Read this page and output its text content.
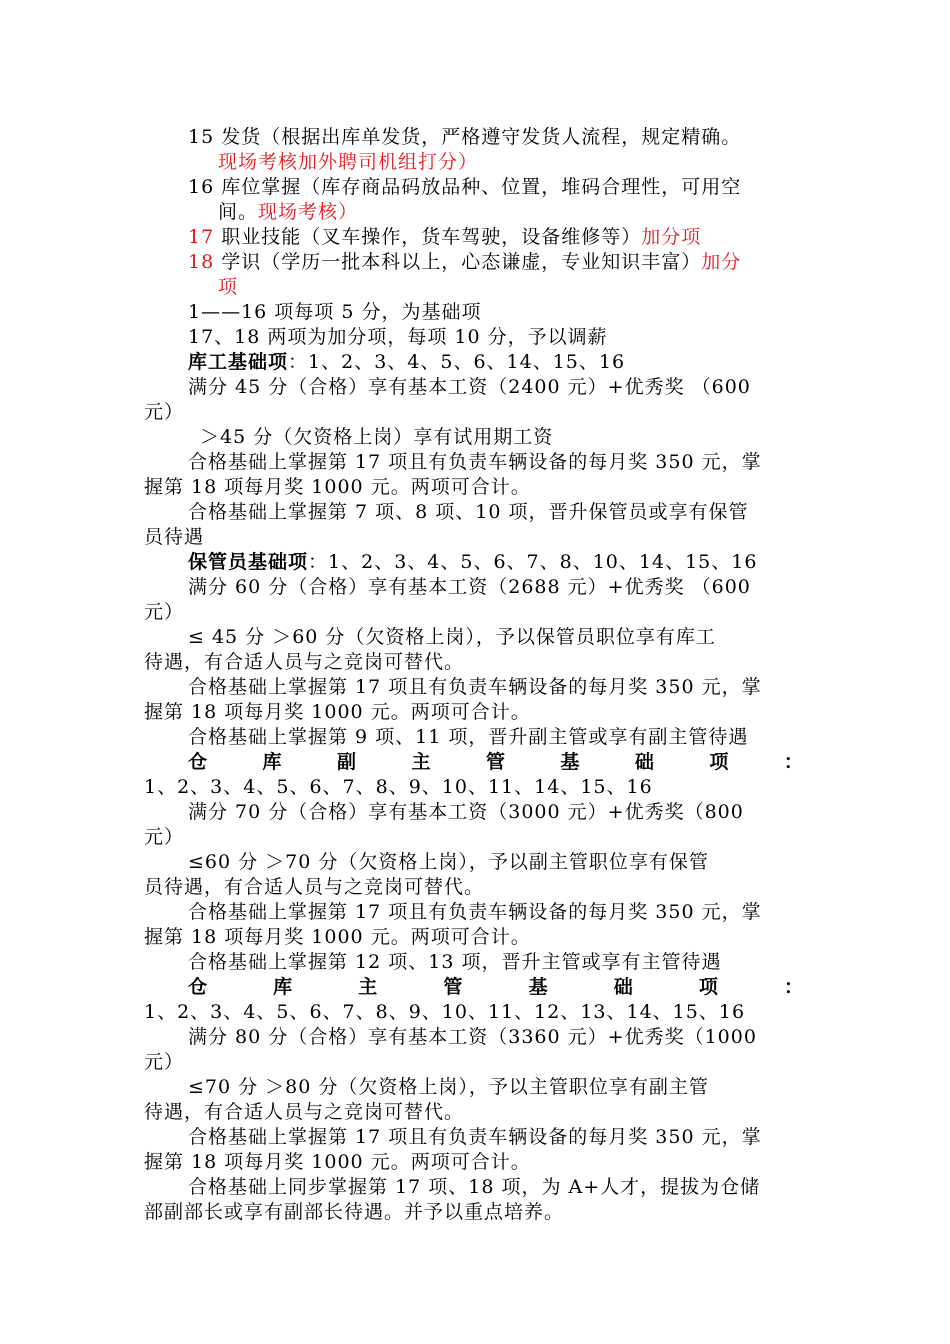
15 发货（根据出库单发货，严格遵守发货人流程，规定精确。
现场考核加外聘司机组打分）
16 库位掌握（库存商品码放品种、位置，堆码合理性，可用空
间。现场考核）
17 职业技能（叉车操作，货车驾驶，设备维修等）加分项
18 学识（学历一批本科以上，心态谦虚，专业知识丰富）加分
项
1——16 项每项 5 分，为基础项
17、18 两项为加分项，每项 10 分，予以调薪
库工基础项：1、2、3、4、5、6、14、15、16
满分 45 分（合格）享有基本工资（2400 元）+优秀奖 （600
元）
＞45 分（欠资格上岗）享有试用期工资
合格基础上掌握第 17 项且有负责车辆设备的每月奖 350 元，掌
握第 18 项每月奖 1000 元。两项可合计。
合格基础上掌握第 7 项、8 项、10 项，晋升保管员或享有保管
员待遇
保管员基础项：1、2、3、4、5、6、7、8、10、14、15、16
满分 60 分（合格）享有基本工资（2688 元）+优秀奖 （600
元）
≤ 45 分 ＞60 分（欠资格上岗），予以保管员职位享有库工
待遇，有合适人员与之竞岗可替代。
合格基础上掌握第 17 项且有负责车辆设备的每月奖 350 元，掌
握第 18 项每月奖 1000 元。两项可合计。
合格基础上掌握第 9 项、11 项，晋升副主管或享有副主管待遇
仓	库	副	主	管	基	础	项	：
1、2、3、4、5、6、7、8、9、10、11、14、15、16
满分 70 分（合格）享有基本工资（3000 元）+优秀奖（800
元）
≤60 分 ＞70 分（欠资格上岗），予以副主管职位享有保管
员待遇，有合适人员与之竞岗可替代。
合格基础上掌握第 17 项且有负责车辆设备的每月奖 350 元，掌
握第 18 项每月奖 1000 元。两项可合计。
合格基础上掌握第 12 项、13 项，晋升主管或享有主管待遇
仓	库	主	管	基	础	项	：
1、2、3、4、5、6、7、8、9、10、11、12、13、14、15、16
满分 80 分（合格）享有基本工资（3360 元）+优秀奖（1000
元）
≤70 分 ＞80 分（欠资格上岗），予以主管职位享有副主管
待遇，有合适人员与之竞岗可替代。
合格基础上掌握第 17 项且有负责车辆设备的每月奖 350 元，掌
握第 18 项每月奖 1000 元。两项可合计。
合格基础上同步掌握第 17 项、18 项，为 A+人才，提拔为仓储
部副部长或享有副部长待遇。并予以重点培养。
